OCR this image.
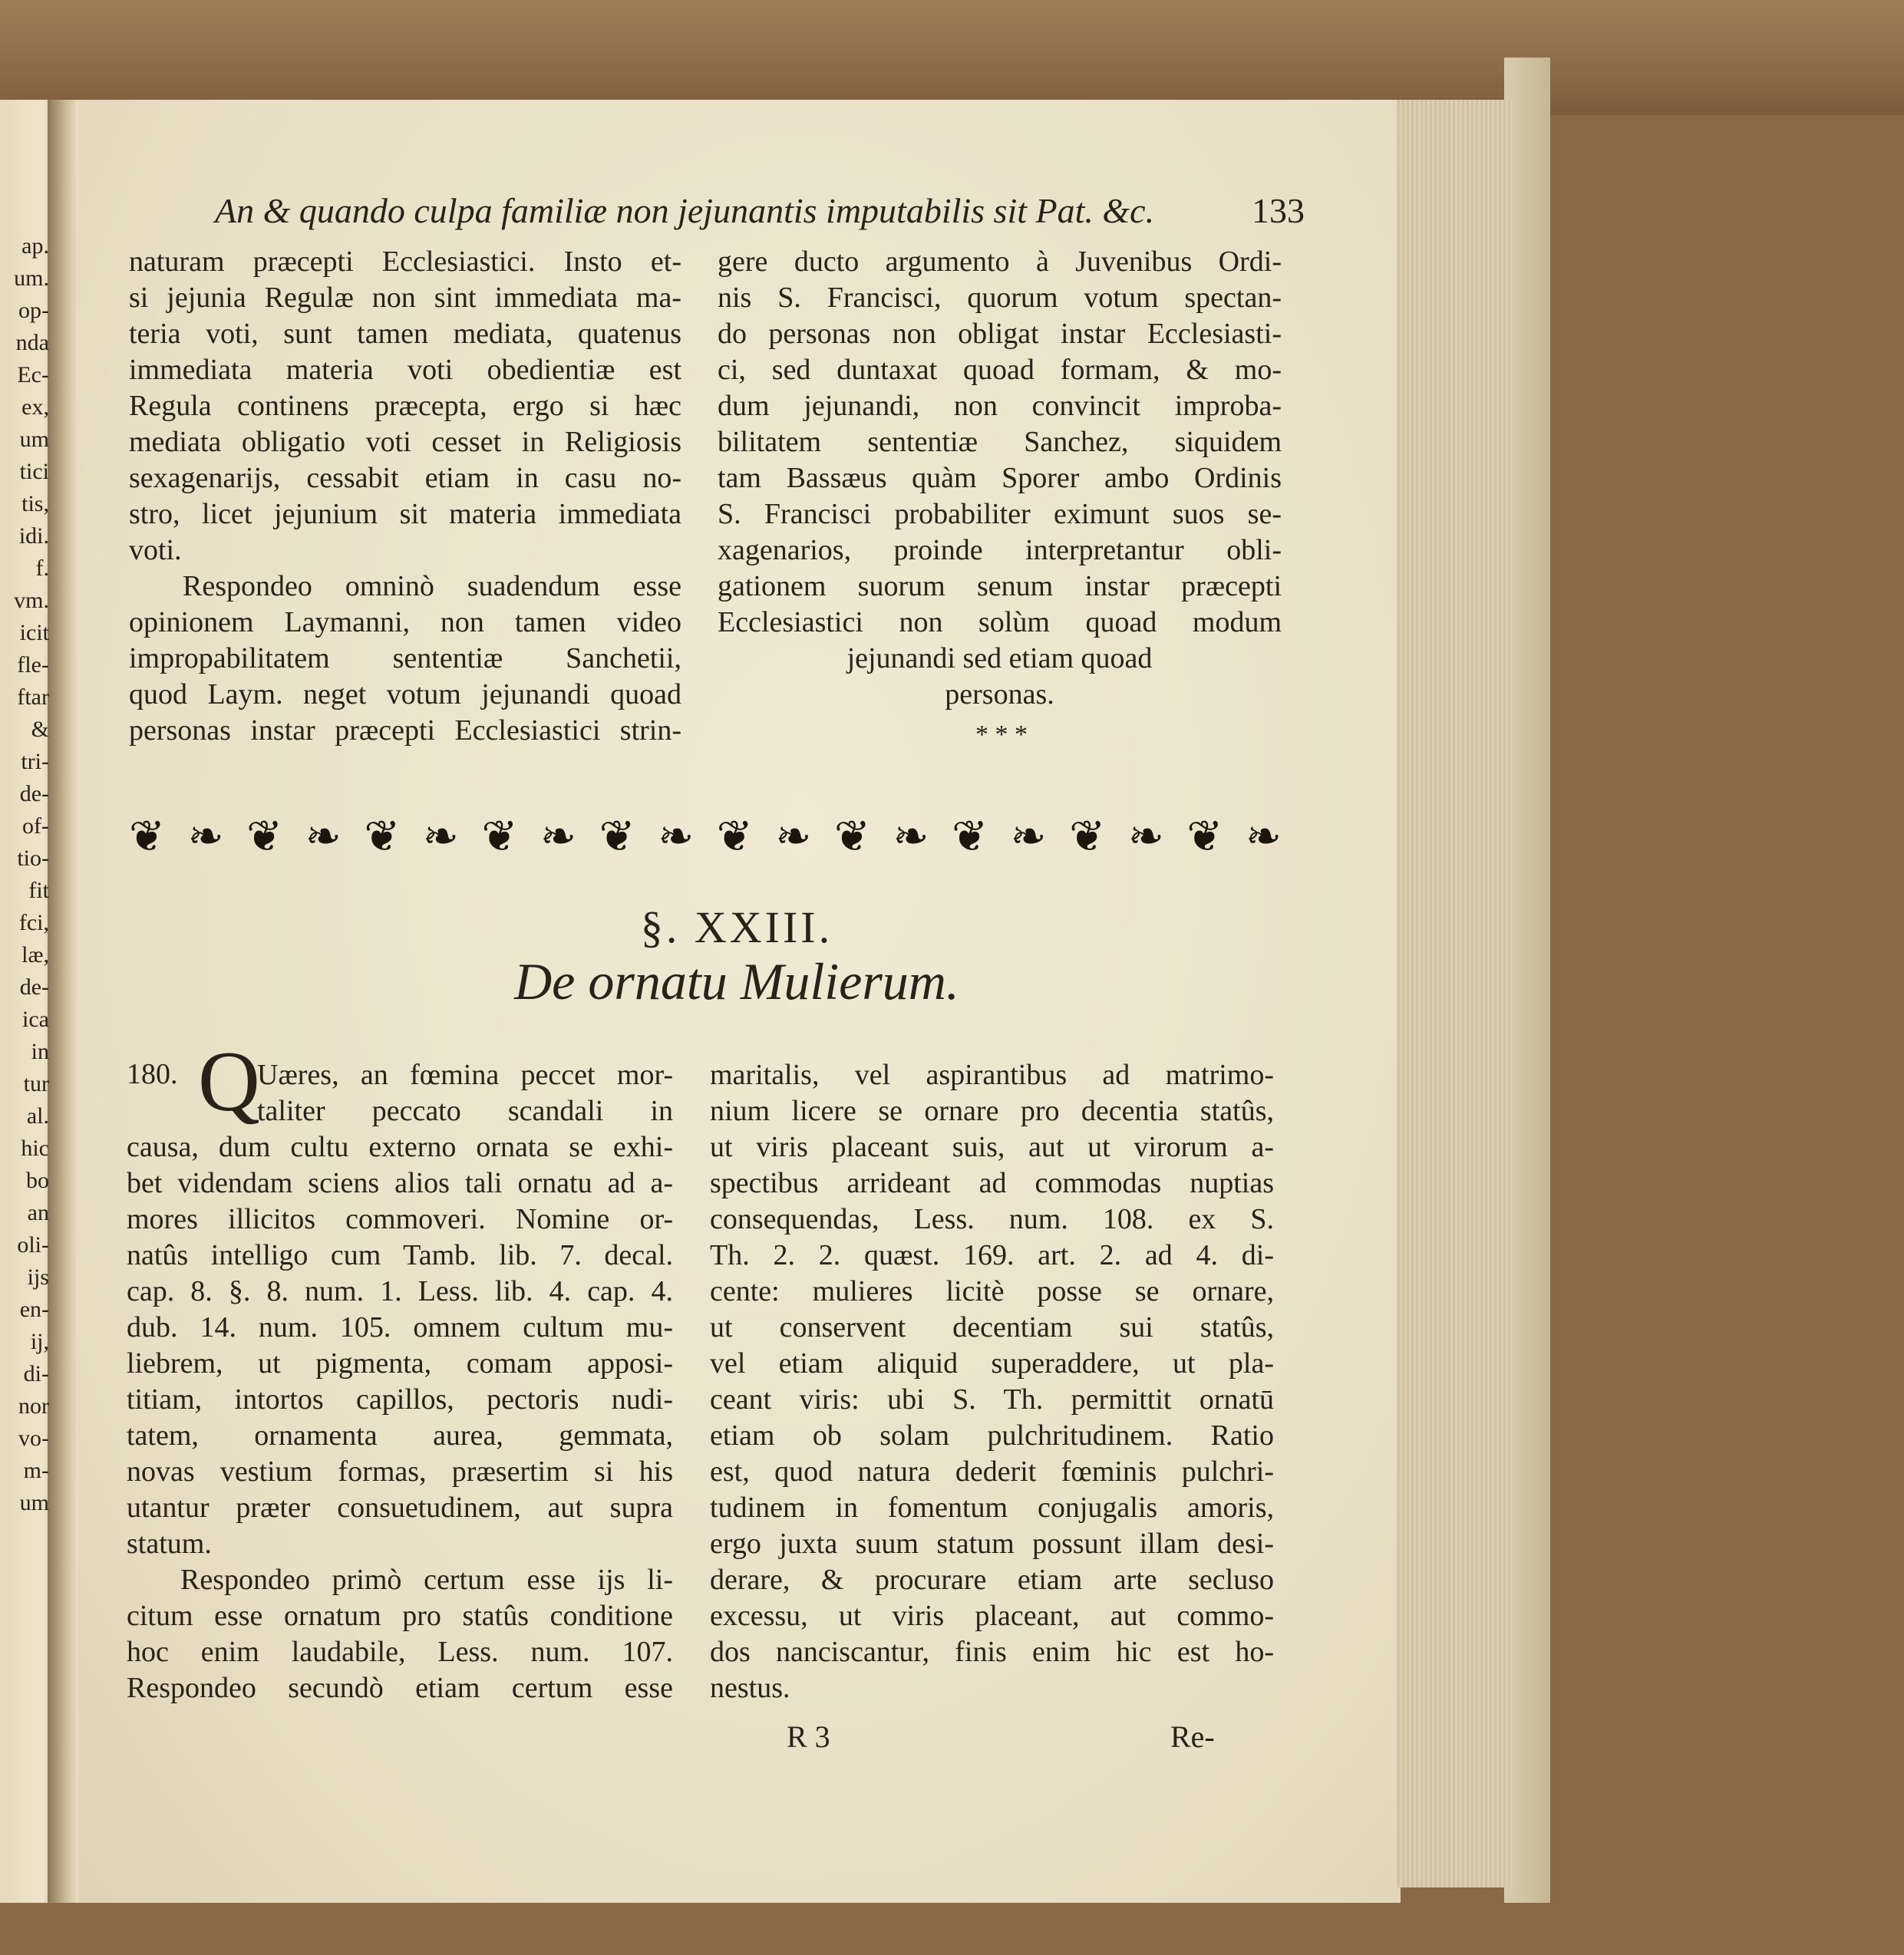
ap.
um.
op-
nda
Ec-
ex,
um
tici
tis,
idi.
f.
vm.
icit
fle-
ftar
&
tri-
de-
of-
tio-
fit
fci,
læ,
de-
ica
in
tur
al.
hic
bo
an
oli-
ijs
en-
ij,
di-
nor
vo-
m-
um
An & quando culpa familiæ non jejunantis imputabilis sit Pat. &c.	133
naturam præcepti Ecclesiastici. Insto et-
si jejunia Regulæ non sint immediata ma-
teria voti, sunt tamen mediata, quatenus
immediata materia voti obedientiæ est
Regula continens præcepta, ergo si hæc
mediata obligatio voti cesset in Religiosis
sexagenarijs, cessabit etiam in casu no-
stro, licet jejunium sit materia immediata
voti.
Respondeo omninò suadendum esse
opinionem Laymanni, non tamen video
impropabilitatem sententiæ Sanchetii,
quod Laym. neget votum jejunandi quoad
personas instar præcepti Ecclesiastici strin-
gere ducto argumento à Juvenibus Ordi-
nis S. Francisci, quorum votum spectan-
do personas non obligat instar Ecclesiasti-
ci, sed duntaxat quoad formam, & mo-
dum jejunandi, non convincit improba-
bilitatem sententiæ Sanchez, siquidem
tam Bassæus quàm Sporer ambo Ordinis
S. Francisci probabiliter eximunt suos se-
xagenarios, proinde interpretantur obli-
gationem suorum senum instar præcepti
Ecclesiastici non solùm quoad modum
jejunandi sed etiam quoad
personas.
* * *
❦ ❧ ❦ ❧ ❦ ❧ ❦ ❧ ❦ ❧ ❦ ❧ ❦ ❧ ❦ ❧ ❦ ❧ ❦ ❧
§. XXIII.
De ornatu Mulierum.
180. Q
Uæres, an fœmina peccet mor-
taliter peccato scandali in
causa, dum cultu externo ornata se exhi-
bet videndam sciens alios tali ornatu ad a-
mores illicitos commoveri. Nomine or-
natûs intelligo cum Tamb. lib. 7. decal.
cap. 8. §. 8. num. 1. Less. lib. 4. cap. 4.
dub. 14. num. 105. omnem cultum mu-
liebrem, ut pigmenta, comam apposi-
titiam, intortos capillos, pectoris nudi-
tatem, ornamenta aurea, gemmata,
novas vestium formas, præsertim si his
utantur præter consuetudinem, aut supra
statum.
Respondeo primò certum esse ijs li-
citum esse ornatum pro statûs conditione
hoc enim laudabile, Less. num. 107.
Respondeo secundò etiam certum esse
maritalis, vel aspirantibus ad matrimo-
nium licere se ornare pro decentia statûs,
ut viris placeant suis, aut ut virorum a-
spectibus arrideant ad commodas nuptias
consequendas, Less. num. 108. ex S.
Th. 2. 2. quæst. 169. art. 2. ad 4. di-
cente: mulieres licitè posse se ornare,
ut conservent decentiam sui statûs,
vel etiam aliquid superaddere, ut pla-
ceant viris: ubi S. Th. permittit ornatū
etiam ob solam pulchritudinem. Ratio
est, quod natura dederit fœminis pulchri-
tudinem in fomentum conjugalis amoris,
ergo juxta suum statum possunt illam desi-
derare, & procurare etiam arte secluso
excessu, ut viris placeant, aut commo-
dos nanciscantur, finis enim hic est ho-
nestus.
R 3	Re-
